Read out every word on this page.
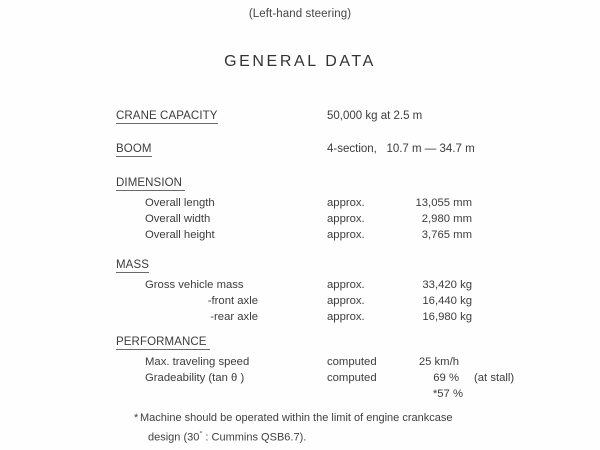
(Left-hand steering)
GENERAL DATA
CRANE CAPACITY	50,000 kg at 2.5 m
BOOM	4-section,   10.7 m — 34.7 m
DIMENSION
Overall length	approx.	13,055 mm
Overall width	approx.	2,980 mm
Overall height	approx.	3,765 mm
MASS
Gross vehicle mass	approx.	33,420 kg
-front axle	approx.	16,440 kg
-rear axle	approx.	16,980 kg
PERFORMANCE
Max. traveling speed	computed	25 km/h
Gradeability (tan θ )	computed	69 % (at stall)
*57 %
* Machine should be operated within the limit of engine crankcase
design (30° : Cummins QSB6.7).
